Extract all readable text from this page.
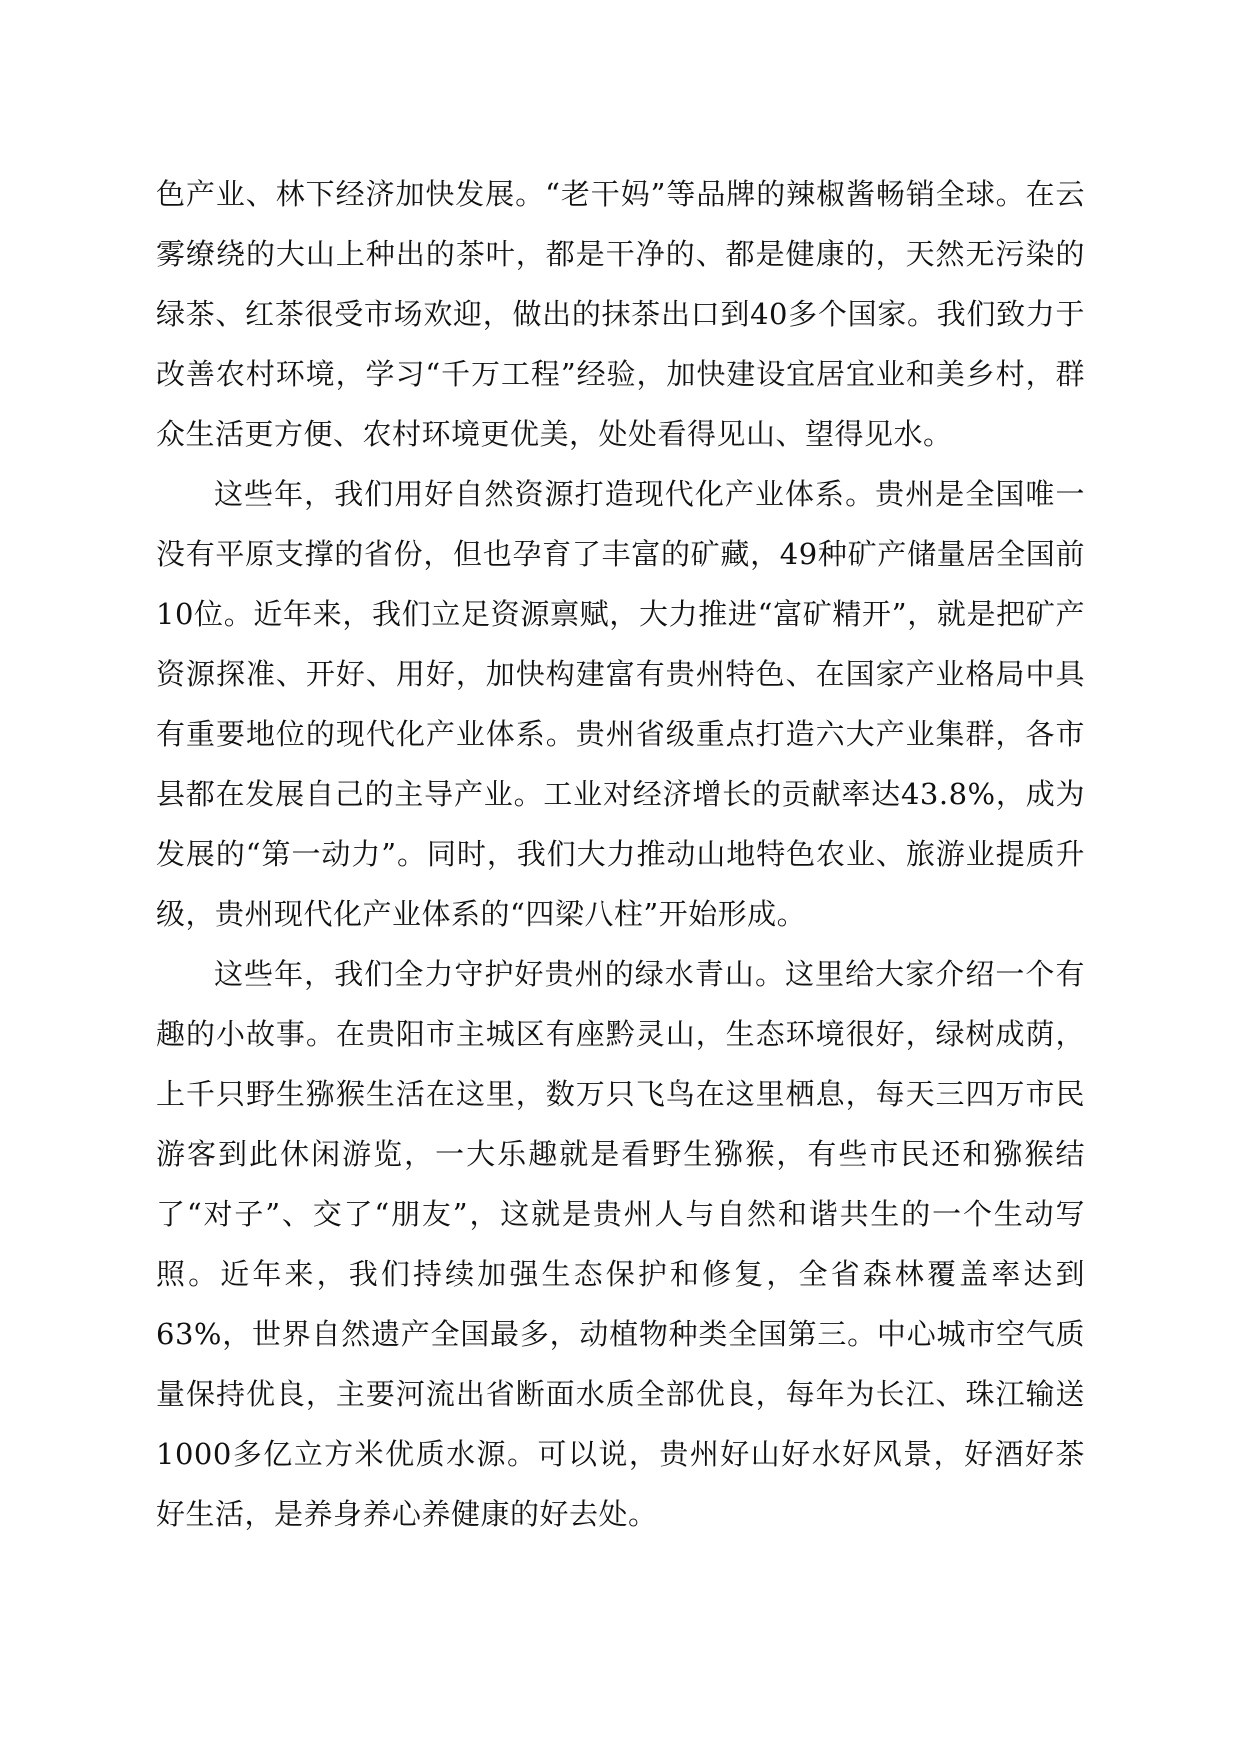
色产业、林下经济加快发展。“老干妈”等品牌的辣椒酱畅销全球。在云雾缭绕的大山上种出的茶叶，都是干净的、都是健康的，天然无污染的绿茶、红茶很受市场欢迎，做出的抹茶出口到40多个国家。我们致力于改善农村环境，学习“千万工程”经验，加快建设宜居宜业和美乡村，群众生活更方便、农村环境更优美，处处看得见山、望得见水。

这些年，我们用好自然资源打造现代化产业体系。贵州是全国唯一没有平原支撑的省份，但也孕育了丰富的矿藏，49种矿产储量居全国前10位。近年来，我们立足资源禀赋，大力推进“富矿精开”，就是把矿产资源探准、开好、用好，加快构建富有贵州特色、在国家产业格局中具有重要地位的现代化产业体系。贵州省级重点打造六大产业集群，各市县都在发展自己的主导产业。工业对经济增长的贡献率达43.8%，成为发展的“第一动力”。同时，我们大力推动山地特色农业、旅游业提质升级，贵州现代化产业体系的“四梁八柱”开始形成。

这些年，我们全力守护好贵州的绿水青山。这里给大家介绍一个有趣的小故事。在贵阳市主城区有座黔灵山，生态环境很好，绿树成荫，上千只野生猕猴生活在这里，数万只飞鸟在这里栖息，每天三四万市民游客到此休闲游览，一大乐趣就是看野生猕猴，有些市民还和猕猴结了“对子”、交了“朋友”，这就是贵州人与自然和谐共生的一个生动写照。近年来，我们持续加强生态保护和修复，全省森林覆盖率达到63%，世界自然遗产全国最多，动植物种类全国第三。中心城市空气质量保持优良，主要河流出省断面水质全部优良，每年为长江、珠江输送1000多亿立方米优质水源。可以说，贵州好山好水好风景，好酒好茶好生活，是养身养心养健康的好去处。
